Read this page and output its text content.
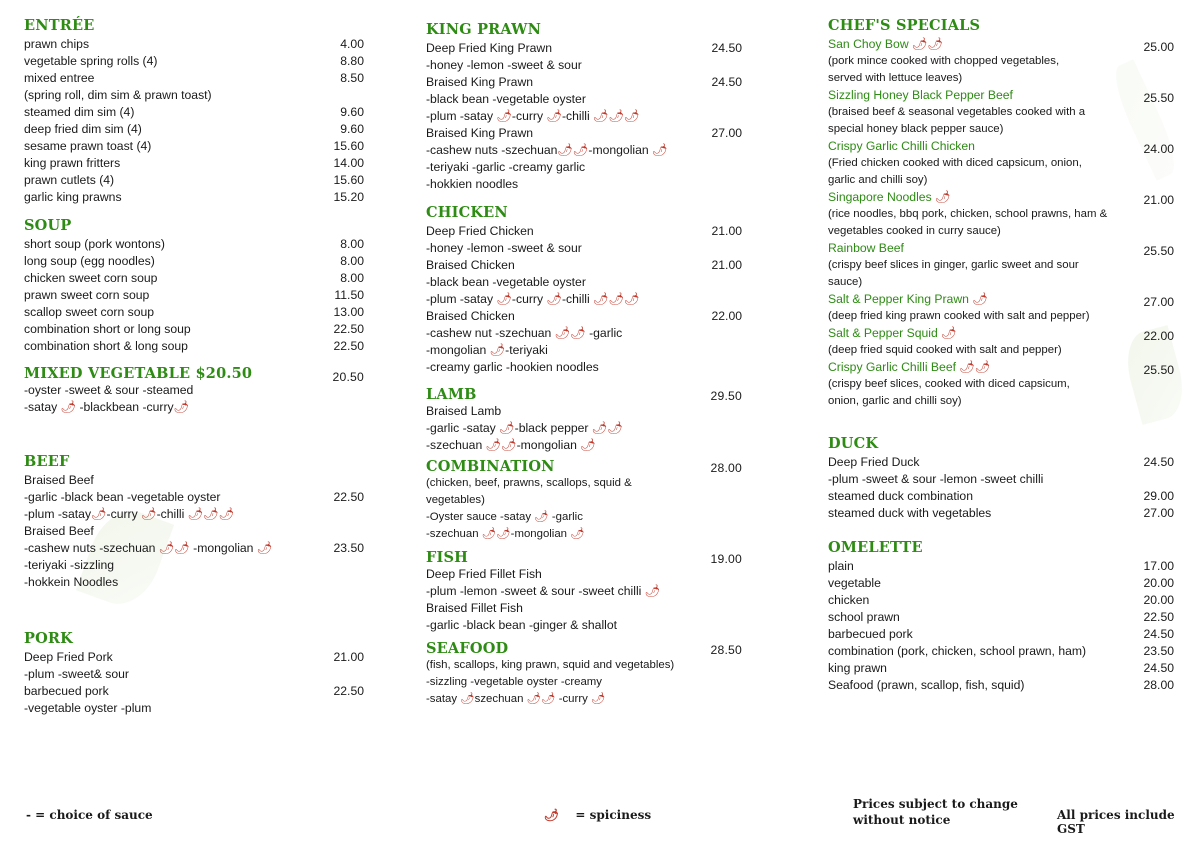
ENTRÉE
prawn chips	4.00
vegetable spring rolls (4)	8.80
mixed entree	8.50
(spring roll, dim sim & prawn toast)
steamed dim sim (4)	9.60
deep fried dim sim (4)	9.60
sesame prawn toast (4)	15.60
king prawn fritters	14.00
prawn cutlets (4)	15.60
garlic king prawns	15.20
SOUP
short soup (pork wontons)	8.00
long soup (egg noodles)	8.00
chicken sweet corn soup	8.00
prawn sweet corn soup	11.50
scallop sweet corn soup	13.00
combination short or long soup	22.50
combination short & long soup	22.50
MIXED VEGETABLE $20.50	20.50
-oyster -sweet & sour -steamed
-satay 🌶 -blackbean -curry🌶
BEEF
Braised Beef
-garlic -black bean -vegetable oyster	22.50
-plum -satay🌶-curry 🌶-chilli 🌶🌶🌶
Braised Beef
-cashew nuts -szechuan 🌶🌶 -mongolian 🌶	23.50
-teriyaki -sizzling
-hokkein Noodles
PORK
Deep Fried Pork	21.00
-plum -sweet& sour
barbecued pork	22.50
-vegetable oyster -plum
KING PRAWN
Deep Fried King Prawn	24.50
-honey -lemon -sweet & sour
Braised King Prawn	24.50
-black bean -vegetable oyster
-plum -satay 🌶-curry 🌶-chilli 🌶🌶🌶
Braised King Prawn	27.00
-cashew nuts -szechuan🌶🌶-mongolian 🌶
-teriyaki -garlic -creamy garlic
-hokkien noodles
CHICKEN
Deep Fried Chicken	21.00
-honey -lemon -sweet & sour
Braised Chicken	21.00
-black bean -vegetable oyster
-plum -satay 🌶-curry 🌶-chilli 🌶🌶🌶
Braised Chicken	22.00
-cashew nut -szechuan 🌶🌶 -garlic
-mongolian 🌶-teriyaki
-creamy garlic -hookien noodles
LAMB	29.50
Braised Lamb
-garlic -satay 🌶-black pepper 🌶🌶
-szechuan 🌶🌶-mongolian 🌶
COMBINATION	28.00
(chicken, beef, prawns, scallops, squid &
vegetables)
-Oyster sauce -satay 🌶 -garlic
-szechuan 🌶🌶-mongolian 🌶
FISH	19.00
Deep Fried Fillet Fish
-plum -lemon -sweet & sour -sweet chilli 🌶
Braised Fillet Fish
-garlic -black bean -ginger & shallot
SEAFOOD	28.50
(fish, scallops, king prawn, squid and vegetables)
-sizzling -vegetable oyster -creamy
-satay 🌶szechuan 🌶🌶 -curry 🌶
CHEF'S SPECIALS
San Choy Bow 🌶🌶	25.00
(pork mince cooked with chopped vegetables,
served with lettuce leaves)
Sizzling Honey Black Pepper Beef	25.50
(braised beef & seasonal vegetables cooked with a
special honey black pepper sauce)
Crispy Garlic Chilli Chicken	24.00
(Fried chicken cooked with diced capsicum, onion,
garlic and chilli soy)
Singapore Noodles 🌶	21.00
(rice noodles, bbq pork, chicken, school prawns, ham &
vegetables cooked in curry sauce)
Rainbow Beef	25.50
(crispy beef slices in ginger, garlic sweet and sour
sauce)
Salt & Pepper King Prawn 🌶	27.00
(deep fried king prawn cooked with salt and pepper)
Salt & Pepper Squid 🌶	22.00
(deep fried squid cooked with salt and pepper)
Crispy Garlic Chilli Beef 🌶🌶	25.50
(crispy beef slices, cooked with diced capsicum,
onion, garlic and chilli soy)
DUCK
Deep Fried Duck	24.50
-plum -sweet & sour -lemon -sweet chilli
steamed duck combination	29.00
steamed duck with vegetables	27.00
OMELETTE
plain	17.00
vegetable	20.00
chicken	20.00
school prawn	22.50
barbecued pork	24.50
combination (pork, chicken, school prawn, ham)	23.50
king prawn	24.50
Seafood (prawn, scallop, fish, squid)	28.00
- = choice of sauce	🌶 = spiciness
Prices subject to change
without notice	All prices include GST
